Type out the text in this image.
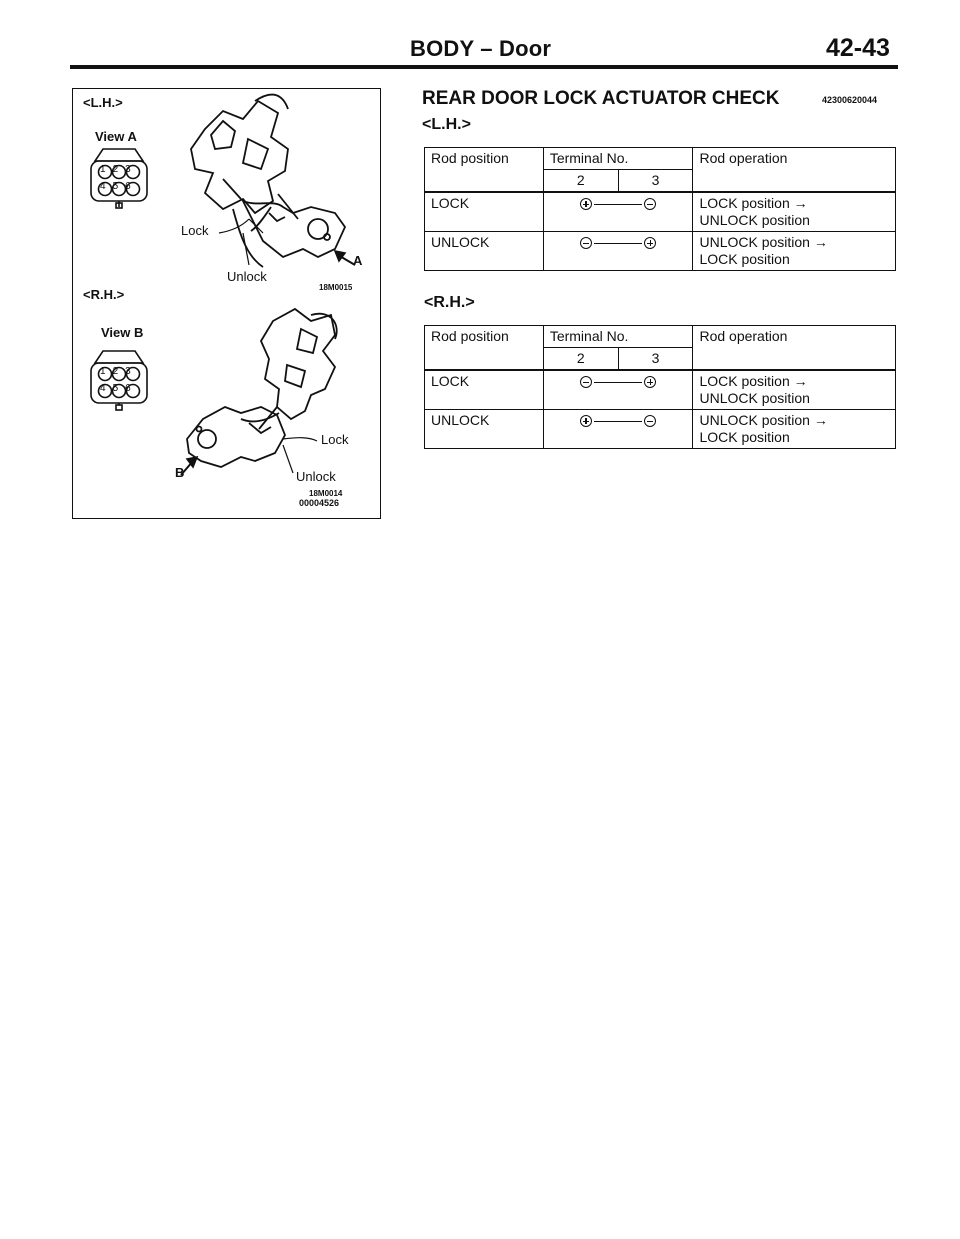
BODY – Door	42-43
<L.H.>
View A
Lock
Unlock
A
18M0015
<R.H.>
View B
Lock
Unlock
B
18M0014
00004526
123
456
123
456
REAR DOOR LOCK ACTUATOR CHECK	42300620044
<L.H.>
Rod position	Terminal No.		Rod operation
	2	3	
LOCK			LOCK position →
UNLOCK position

UNLOCK			UNLOCK position →
LOCK position
<R.H.>
Rod position	Terminal No.		Rod operation
	2	3	
LOCK			LOCK position →
UNLOCK position

UNLOCK			UNLOCK position →
LOCK position
